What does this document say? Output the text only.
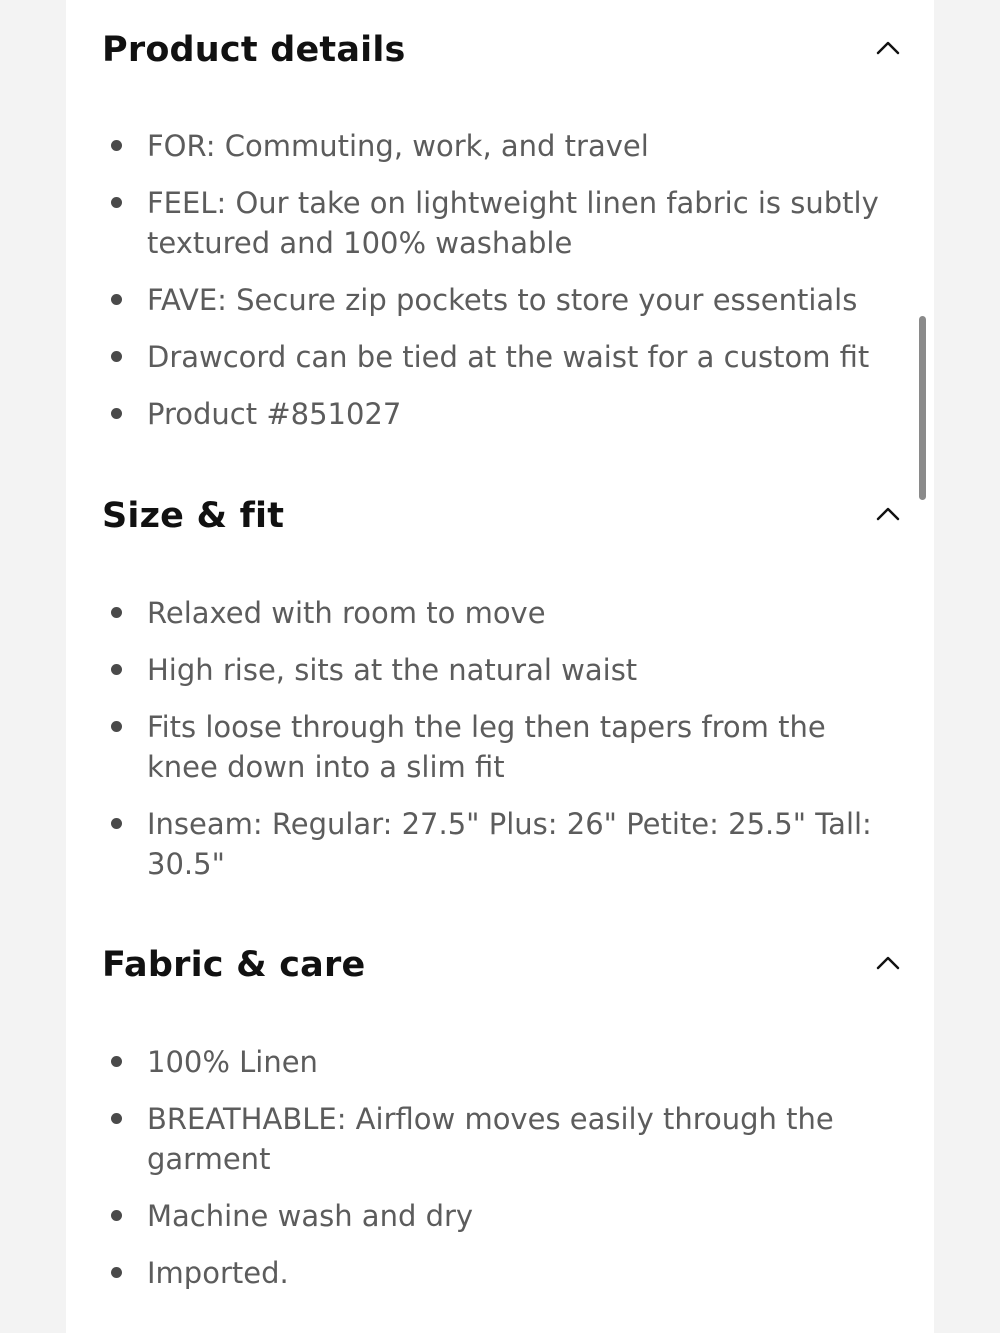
Product details
FOR: Commuting, work, and travel
FEEL: Our take on lightweight linen fabric is subtly textured and 100% washable
FAVE: Secure zip pockets to store your essentials
Drawcord can be tied at the waist for a custom fit
Product #851027
Size & fit
Relaxed with room to move
High rise, sits at the natural waist
Fits loose through the leg then tapers from the knee down into a slim fit
Inseam: Regular: 27.5" Plus: 26" Petite: 25.5" Tall: 30.5"
Fabric & care
100% Linen
BREATHABLE: Airflow moves easily through the garment
Machine wash and dry
Imported.
